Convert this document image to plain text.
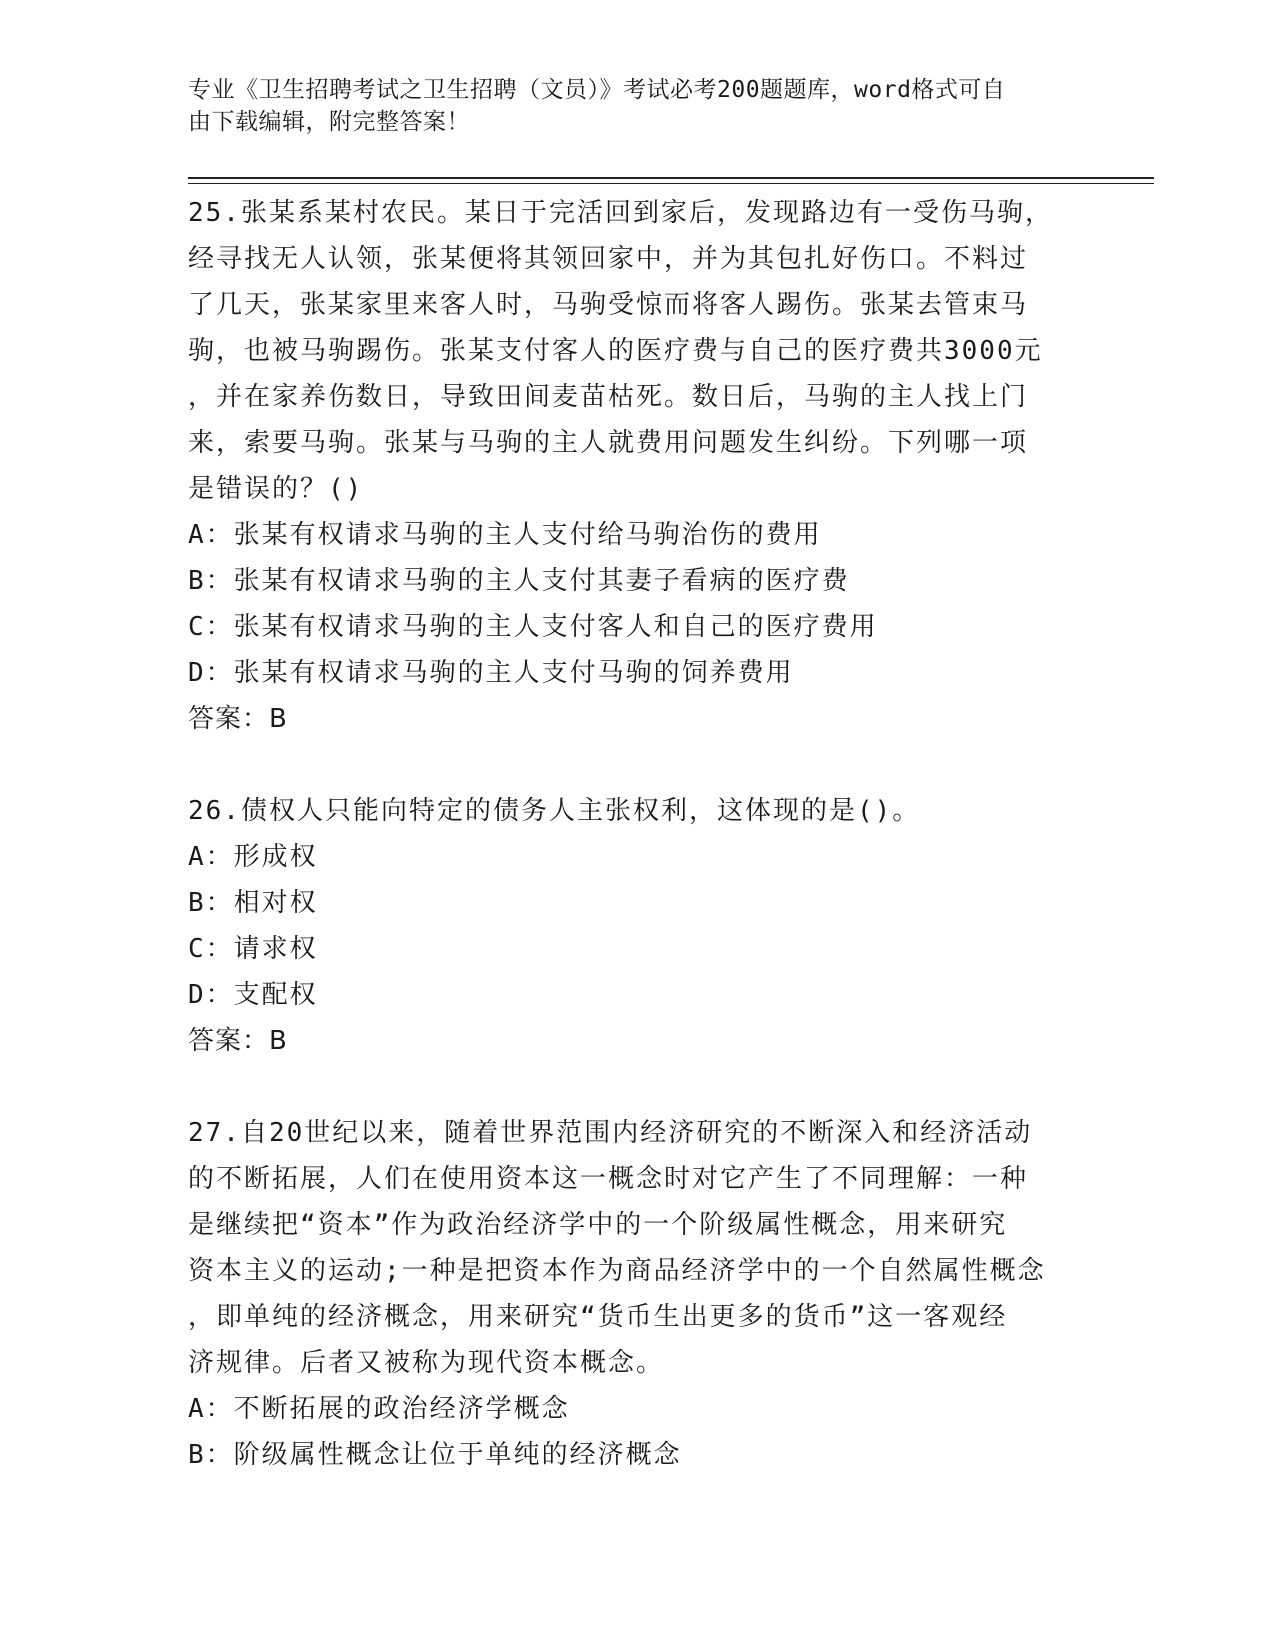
专业《卫生招聘考试之卫生招聘（文员）》考试必考200题题库，word格式可自
由下载编辑，附完整答案！

25.张某系某村农民。某日于完活回到家后，发现路边有一受伤马驹，

经寻找无人认领，张某便将其领回家中，并为其包扎好伤口。不料过

了几天，张某家里来客人时，马驹受惊而将客人踢伤。张某去管束马

驹，也被马驹踢伤。张某支付客人的医疗费与自己的医疗费共3000元

，并在家养伤数日，导致田间麦苗枯死。数日后，马驹的主人找上门

来，索要马驹。张某与马驹的主人就费用问题发生纠纷。下列哪一项

是错误的？()

A：张某有权请求马驹的主人支付给马驹治伤的费用

B：张某有权请求马驹的主人支付其妻子看病的医疗费

C：张某有权请求马驹的主人支付客人和自己的医疗费用

D：张某有权请求马驹的主人支付马驹的饲养费用

答案：B

26.债权人只能向特定的债务人主张权利，这体现的是()。

A：形成权

B：相对权

C：请求权

D：支配权

答案：B

27.自20世纪以来，随着世界范围内经济研究的不断深入和经济活动

的不断拓展，人们在使用资本这一概念时对它产生了不同理解：一种

是继续把“资本”作为政治经济学中的一个阶级属性概念，用来研究

资本主义的运动;一种是把资本作为商品经济学中的一个自然属性概念

，即单纯的经济概念，用来研究“货币生出更多的货币”这一客观经

济规律。后者又被称为现代资本概念。

A：不断拓展的政治经济学概念

B：阶级属性概念让位于单纯的经济概念
